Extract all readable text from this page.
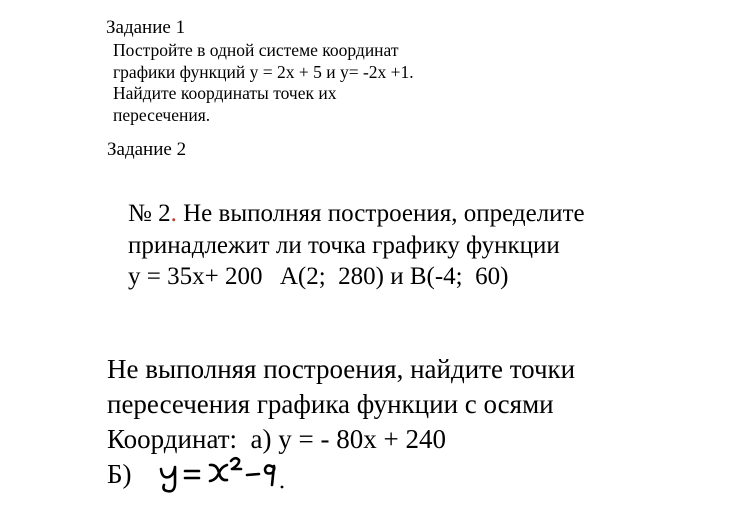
Задание 1
Постройте в одной системе координат
графики функций y = 2x + 5 и y= -2x +1.
Найдите координаты точек их
пересечения.
Задание 2
№ 2. Не выполняя построения, определите
принадлежит ли точка графику функции
y = 35x+ 200   A(2;  280) и B(-4;  60)
Не выполняя построения, найдите точки
пересечения графика функции с осями
Координат:  а) y = - 80x + 240
Б)
